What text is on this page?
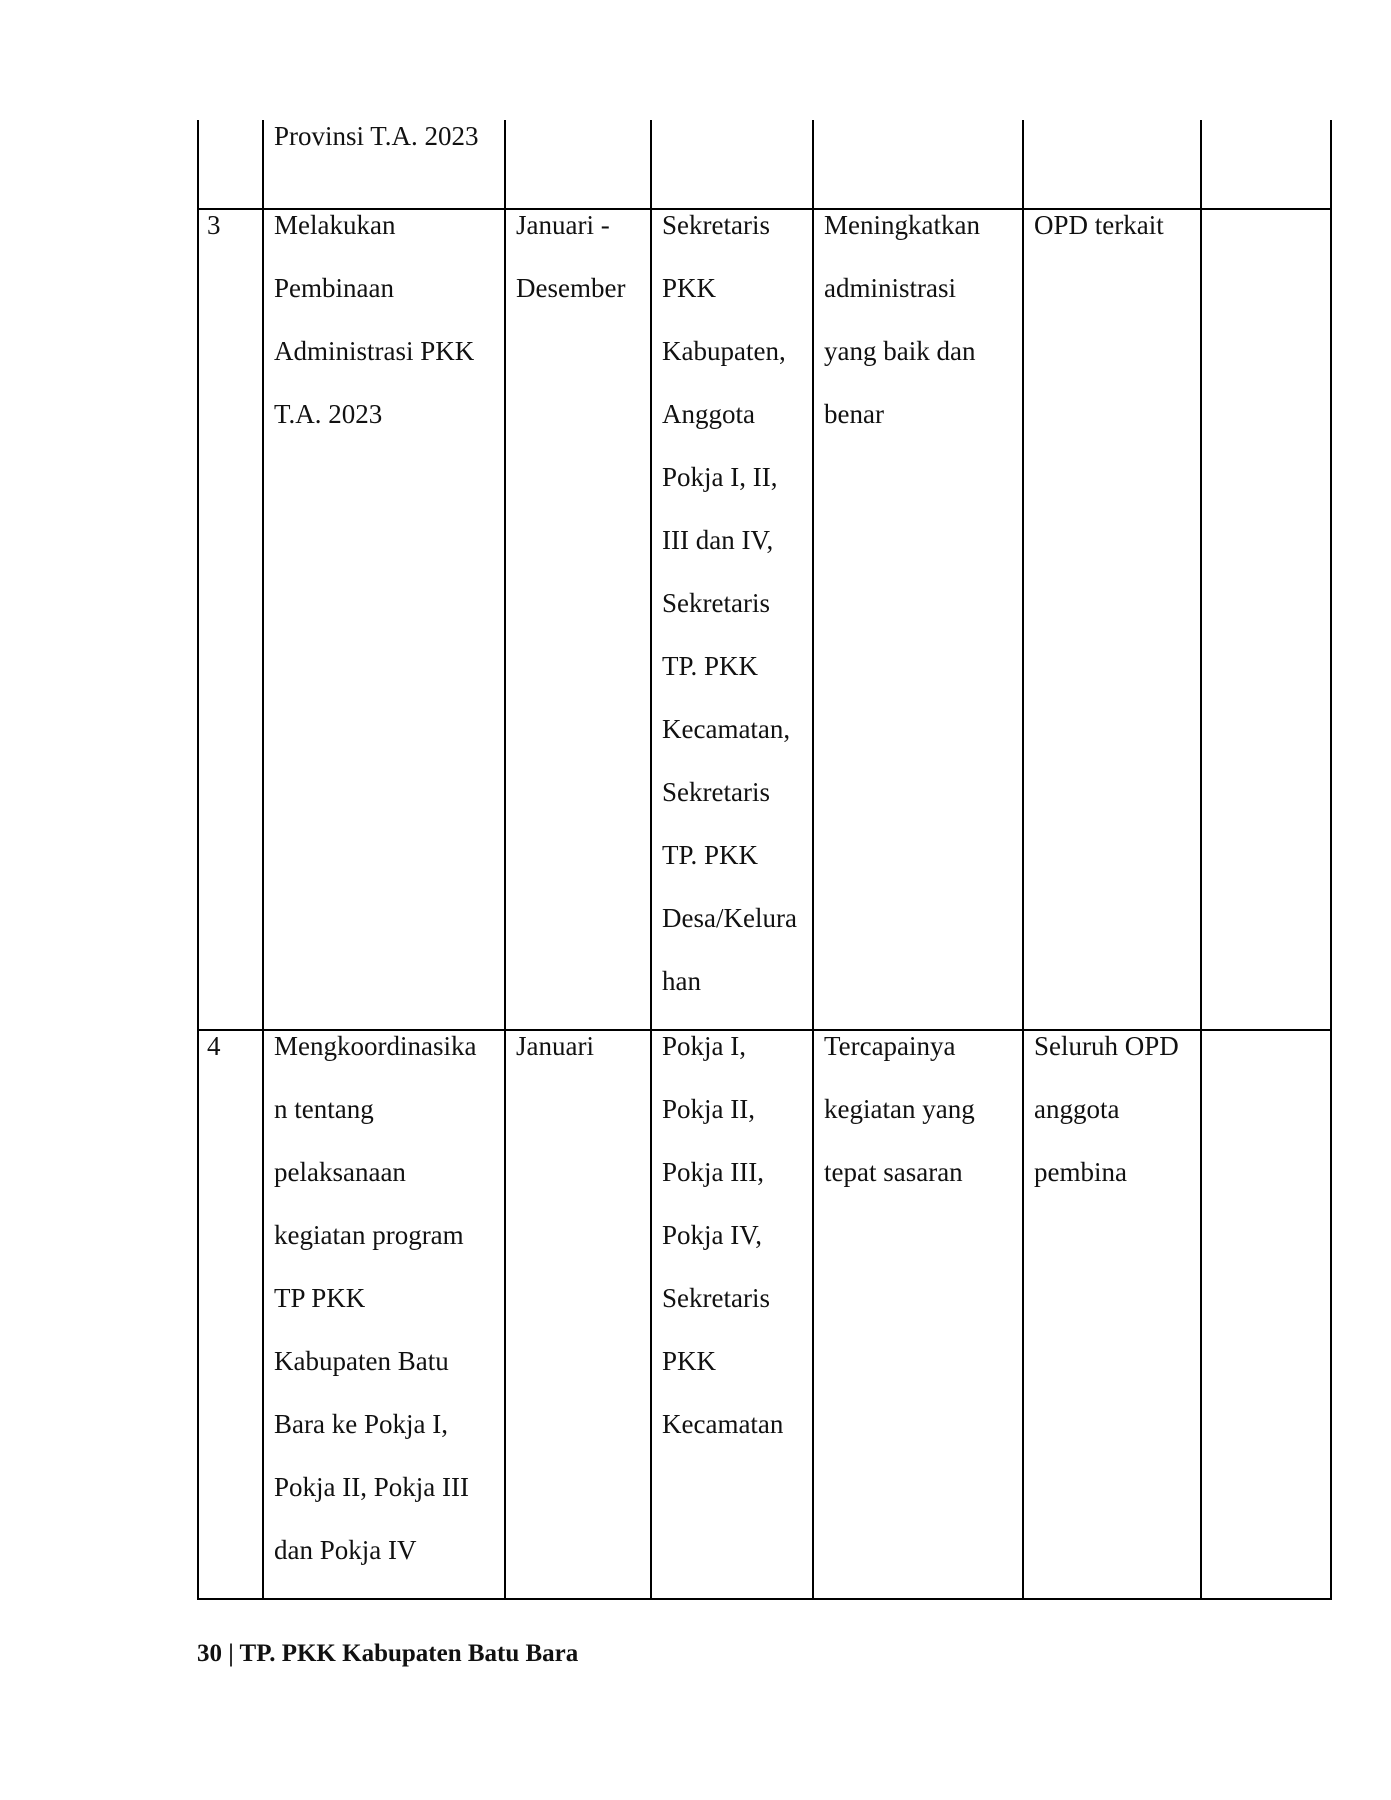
Provinsi T.A. 2023
3 Melakukan
Pembinaan
Administrasi PKK
T.A. 2023
Januari -
Desember
Sekretaris
PKK
Kabupaten,
Anggota
Pokja I, II,
III dan IV,
Sekretaris
TP. PKK
Kecamatan,
Sekretaris
TP. PKK
Desa/Kelura
han
Meningkatkan
administrasi
yang baik dan
benar
OPD terkait
4 Mengkoordinasika
n tentang
pelaksanaan
kegiatan program
TP PKK
Kabupaten Batu
Bara ke Pokja I,
Pokja II, Pokja III
dan Pokja IV
Januari	Pokja I,
Pokja II,
Pokja III,
Pokja IV,
Sekretaris
PKK
Kecamatan
Tercapainya
kegiatan yang
tepat sasaran
Seluruh OPD
anggota
pembina
30 | TP. PKK Kabupaten Batu Bara
